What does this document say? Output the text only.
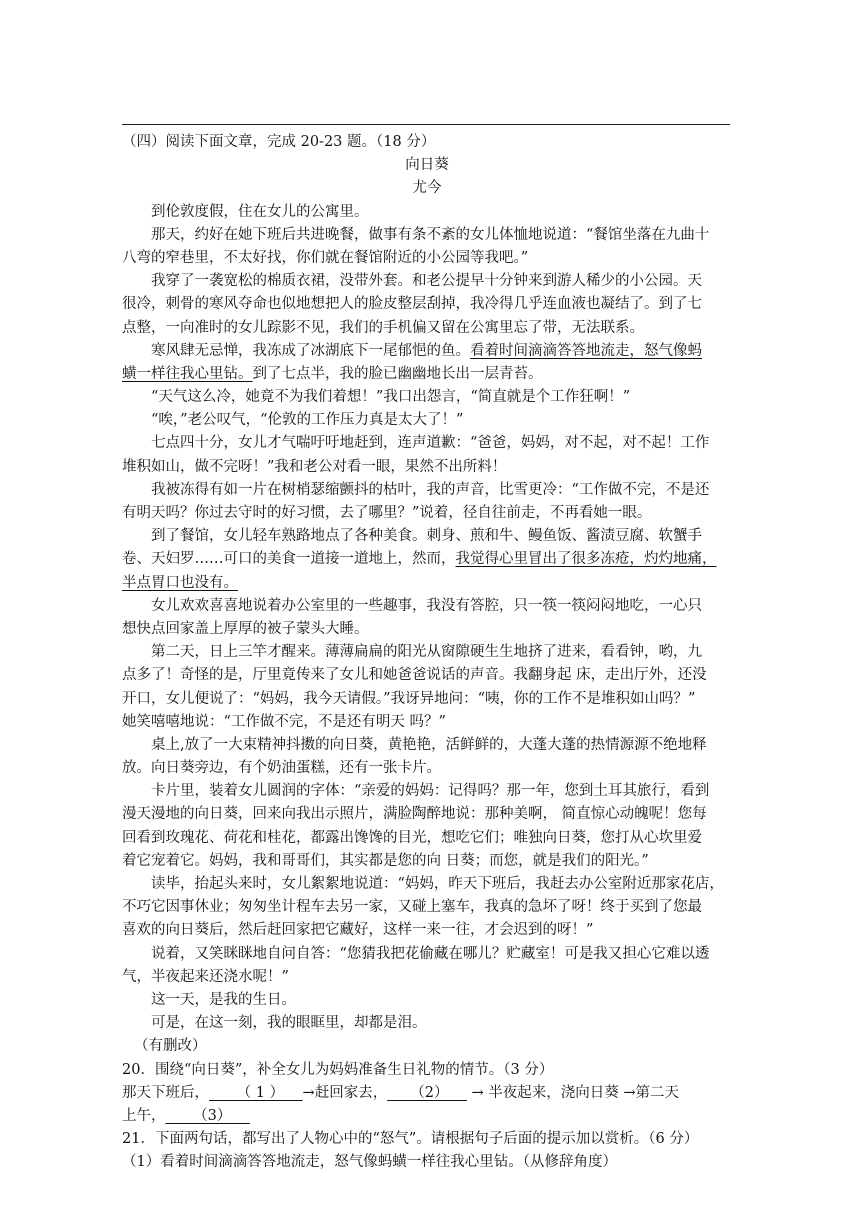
（四）阅读下面文章，完成 20-23 题。（18 分）
向日葵
尤今
到伦敦度假，住在女儿的公寓里。
那天，约好在她下班后共进晚餐，做事有条不紊的女儿体恤地说道：“餐馆坐落在九曲十
八弯的窄巷里，不太好找，你们就在餐馆附近的小公园等我吧。”
我穿了一袭宽松的棉质衣裙，没带外套。和老公提早十分钟来到游人稀少的小公园。天
很冷，刺骨的寒风夺命也似地想把人的脸皮整层刮掉，我冷得几乎连血液也凝结了。到了七
点整，一向准时的女儿踪影不见，我们的手机偏又留在公寓里忘了带，无法联系。
寒风肆无忌惮，我冻成了冰湖底下一尾郁悒的鱼。看着时间滴滴答答地流走，怒气像蚂
蟥一样往我心里钻。到了七点半，我的脸已幽幽地长出一层青苔。
“天气这么冷，她竟不为我们着想！”我口出怨言，“简直就是个工作狂啊！”
“唉，”老公叹气，“伦敦的工作压力真是太大了！”
七点四十分，女儿才气喘吁吁地赶到，连声道歉：“爸爸，妈妈，对不起，对不起！工作
堆积如山，做不完呀！”我和老公对看一眼，果然不出所料！
我被冻得有如一片在树梢瑟缩颤抖的枯叶，我的声音，比雪更冷：“工作做不完，不是还
有明天吗？你过去守时的好习惯，去了哪里？”说着，径自往前走，不再看她一眼。
到了餐馆，女儿轻车熟路地点了各种美食。刺身、煎和牛、鳗鱼饭、酱渍豆腐、软蟹手
卷、天妇罗……可口的美食一道接一道地上，然而，我觉得心里冒出了很多冻疮，灼灼地痛，
半点胃口也没有。
女儿欢欢喜喜地说着办公室里的一些趣事，我没有答腔，只一筷一筷闷闷地吃，一心只
想快点回家盖上厚厚的被子蒙头大睡。
第二天，日上三竿才醒来。薄薄扁扁的阳光从窗隙硬生生地挤了进来，看看钟，哟，九
点多了！奇怪的是，厅里竟传来了女儿和她爸爸说话的声音。我翻身起 床，走出厅外，还没
开口，女儿便说了：“妈妈，我今天请假。”我讶异地问：“咦，你的工作不是堆积如山吗？”
她笑嘻嘻地说：“工作做不完，不是还有明天 吗？”
桌上,放了一大束精神抖擞的向日葵，黄艳艳，活鲜鲜的，大蓬大蓬的热情源源不绝地释
放。向日葵旁边，有个奶油蛋糕，还有一张卡片。
卡片里，装着女儿圆润的字体：“亲爱的妈妈：记得吗？那一年，您到土耳其旅行，看到
漫天漫地的向日葵，回来向我出示照片，满脸陶醉地说：那种美啊， 简直惊心动魄呢！您每
回看到玫瑰花、荷花和桂花，都露出馋馋的目光，想吃它们；唯独向日葵，您打从心坎里爱
着它宠着它。妈妈，我和哥哥们，其实都是您的向 日葵；而您，就是我们的阳光。”
读毕，抬起头来时，女儿絮絮地说道：“妈妈，昨天下班后，我赶去办公室附近那家花店，
不巧它因事休业；匆匆坐计程车去另一家，又碰上塞车，我真的急坏了呀！终于买到了您最
喜欢的向日葵后，然后赶回家把它藏好，这样一来一往，才会迟到的呀！”
说着，又笑眯眯地自问自答：“您猜我把花偷藏在哪儿？贮藏室！可是我又担心它难以透
气，半夜起来还浇水呢！”
这一天，是我的生日。
可是，在这一刻，我的眼眶里，却都是泪。
（有删改）
20．围绕“向日葵”，补全女儿为妈妈准备生日礼物的情节。（3 分）
那天下班后，      （ 1 ）    →赶回家去，     （2）     → 半夜起来，浇向日葵 →第二天
上午，      （3）
21．下面两句话，都写出了人物心中的“怒气”。请根据句子后面的提示加以赏析。（6 分）
（1）看着时间滴滴答答地流走，怒气像蚂蟥一样往我心里钻。（从修辞角度）
